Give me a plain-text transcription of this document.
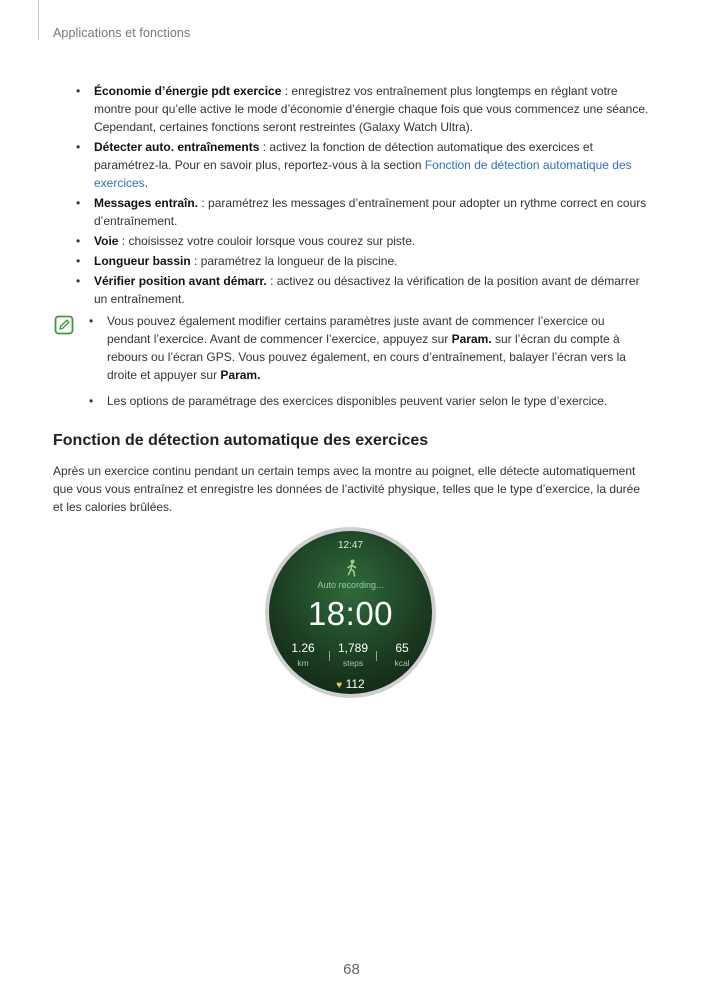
Applications et fonctions
• Économie d’énergie pdt exercice : enregistrez vos entraînement plus longtemps en réglant votre montre pour qu’elle active le mode d’économie d’énergie chaque fois que vous commencez une séance. Cependant, certaines fonctions seront restreintes (Galaxy Watch Ultra).
• Détecter auto. entraînements : activez la fonction de détection automatique des exercices et paramétrez-la. Pour en savoir plus, reportez-vous à la section Fonction de détection automatique des exercices.
• Messages entraîn. : paramétrez les messages d’entraînement pour adopter un rythme correct en cours d’entraînement.
• Voie : choisissez votre couloir lorsque vous courez sur piste.
• Longueur bassin : paramétrez la longueur de la piscine.
• Vérifier position avant démarr. : activez ou désactivez la vérification de la position avant de démarrer un entraînement.
• Vous pouvez également modifier certains paramètres juste avant de commencer l’exercice ou pendant l’exercice. Avant de commencer l’exercice, appuyez sur Param. sur l’écran du compte à rebours ou l’écran GPS. Vous pouvez également, en cours d’entraînement, balayer l’écran vers la droite et appuyer sur Param.
• Les options de paramétrage des exercices disponibles peuvent varier selon le type d’exercice.
Fonction de détection automatique des exercices

Après un exercice continu pendant un certain temps avec la montre au poignet, elle détecte automatiquement que vous vous entraînez et enregistre les données de l’activité physique, telles que le type d’exercice, la durée et les calories brûlées.

12:47
Auto recording...
18:00
1.26
km
1,789
steps
65
kcal
♥ 112
68
